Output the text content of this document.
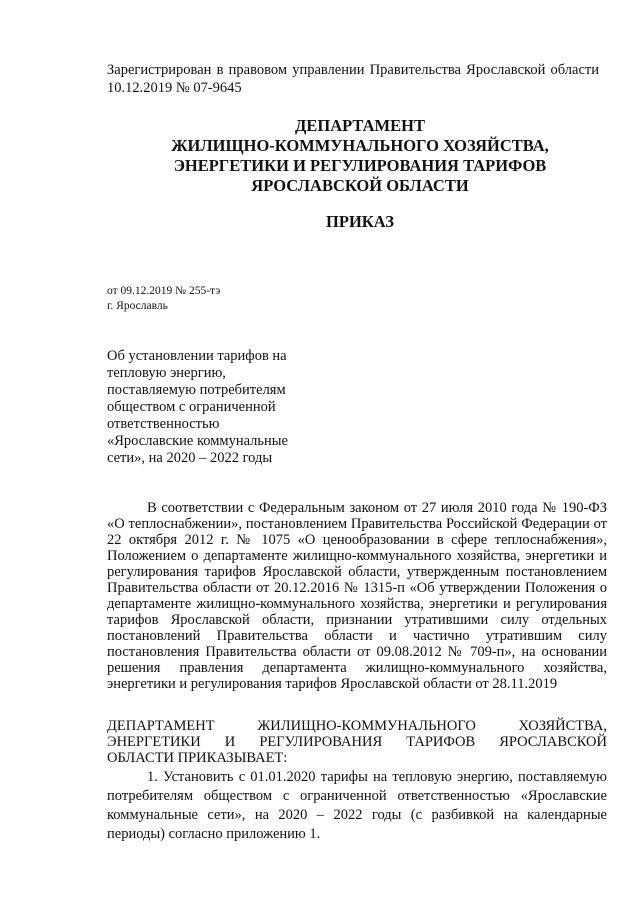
Зарегистрирован в правовом управлении Правительства Ярославской области 10.12.2019 № 07-9645

ДЕПАРТАМЕНТ
ЖИЛИЩНО-КОММУНАЛЬНОГО ХОЗЯЙСТВА,
ЭНЕРГЕТИКИ И РЕГУЛИРОВАНИЯ ТАРИФОВ
ЯРОСЛАВСКОЙ ОБЛАСТИ
ПРИКАЗ
от 09.12.2019 № 255-тэ
г. Ярославль
Об установлении тарифов на
тепловую энергию,
поставляемую потребителям
обществом с ограниченной
ответственностью
«Ярославские коммунальные
сети», на 2020 – 2022 годы

В соответствии с Федеральным законом от 27 июля 2010 года № 190-ФЗ «О теплоснабжении», постановлением Правительства Российской Федерации от 22 октября 2012 г. № 1075 «О ценообразовании в сфере теплоснабжения», Положением о департаменте жилищно-коммунального хозяйства, энергетики и регулирования тарифов Ярославской области, утвержденным постановлением Правительства области от 20.12.2016 № 1315-п «Об утверждении Положения о департаменте жилищно-коммунального хозяйства, энергетики и регулирования тарифов Ярославской области, признании утратившими силу отдельных постановлений Правительства области и частично утратившим силу постановления Правительства области от 09.08.2012 № 709-п», на основании решения правления департамента жилищно-коммунального хозяйства, энергетики и регулирования тарифов Ярославской области от 28.11.2019

ДЕПАРТАМЕНТ ЖИЛИЩНО-КОММУНАЛЬНОГО ХОЗЯЙСТВА,
ЭНЕРГЕТИКИ И РЕГУЛИРОВАНИЯ ТАРИФОВ ЯРОСЛАВСКОЙ
ОБЛАСТИ ПРИКАЗЫВАЕТ:

1. Установить с 01.01.2020 тарифы на тепловую энергию, поставляемую потребителям обществом с ограниченной ответственностью «Ярославские коммунальные сети», на 2020 – 2022 годы (с разбивкой на календарные периоды) согласно приложению 1.
